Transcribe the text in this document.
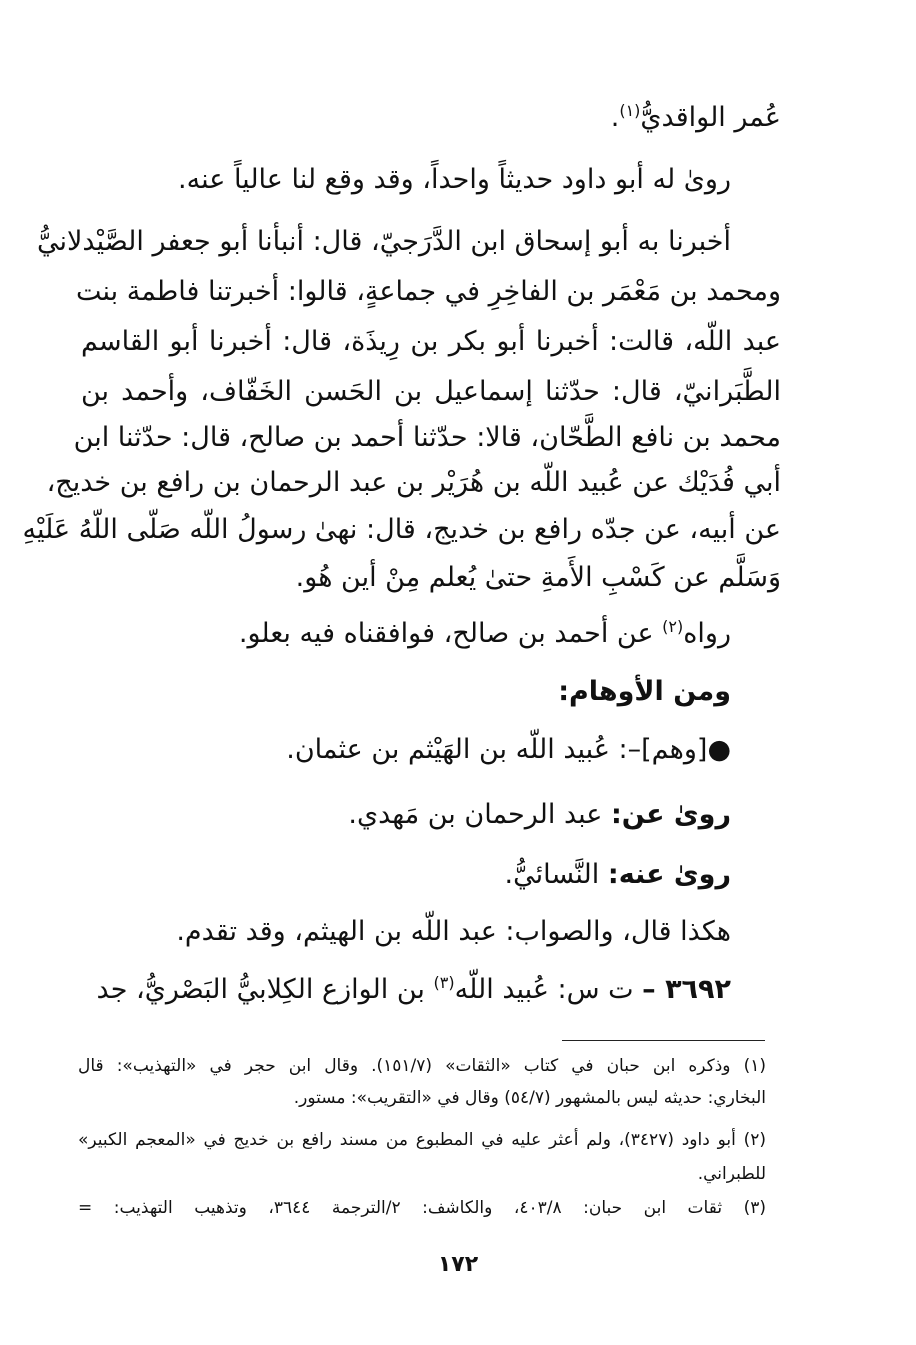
عُمر الواقديُّ$^{(١)}$.
رویٰ له أبو داود حديثاً واحداً، وقد وقع لنا عالياً عنه.
أخبرنا به أبو إسحاق ابن الدَّرَجيّ، قال: أنبأنا أبو جعفر الصَّيْدلانيُّ
ومحمد بن مَعْمَر بن الفاخِرِ في جماعةٍ، قالوا: أخبرتنا فاطمة بنت
عبد اللّه، قالت: أخبرنا أبو بكر بن رِيذَة، قال: أخبرنا أبو القاسم
الطَّبَرانيّ، قال: حدّثنا إسماعيل بن الحَسن الخَفّاف، وأحمد بن
محمد بن نافع الطَّحّان، قالا: حدّثنا أحمد بن صالح، قال: حدّثنا ابن
أبي فُدَيْك عن عُبيد اللّه بن هُرَيْر بن عبد الرحمان بن رافع بن خديج،
عن أبيه، عن جدّه رافع بن خديج، قال: نهیٰ رسولُ اللّه صَلّى اللّهُ عَلَيْهِ
وَسَلَّم عن كَسْبِ الأَمةِ حتیٰ يُعلم مِنْ أين هُو.
رواه$^{(٢)}$ عن أحمد بن صالح، فوافقناه فيه بعلو.
ومن الأوهام:
●[وهم]–: عُبيد اللّه بن الهَيْثم بن عثمان.
رویٰ عن: عبد الرحمان بن مَهدي.
رویٰ عنه: النَّسائيُّ.
هكذا قال، والصواب: عبد اللّه بن الهيثم، وقد تقدم.
٣٦٩٢ – ت س: عُبيد اللّه$^{(٣)}$ بن الوازع الكِلابيُّ البَصْريُّ، جد
(١) وذكره ابن حبان في كتاب «الثقات» (١٥١/٧). وقال ابن حجر في «التهذيب»: قال
البخاري: حديثه ليس بالمشهور (٥٤/٧) وقال في «التقريب»: مستور.
(٢) أبو داود (٣٤٢٧)، ولم أعثر عليه في المطبوع من مسند رافع بن خديج في «المعجم الكبير»
للطبراني.
(٣) ثقات ابن حبان: ٤٠٣/٨، والكاشف: ٢/الترجمة ٣٦٤٤، وتذهيب التهذيب: =
١٧٢
